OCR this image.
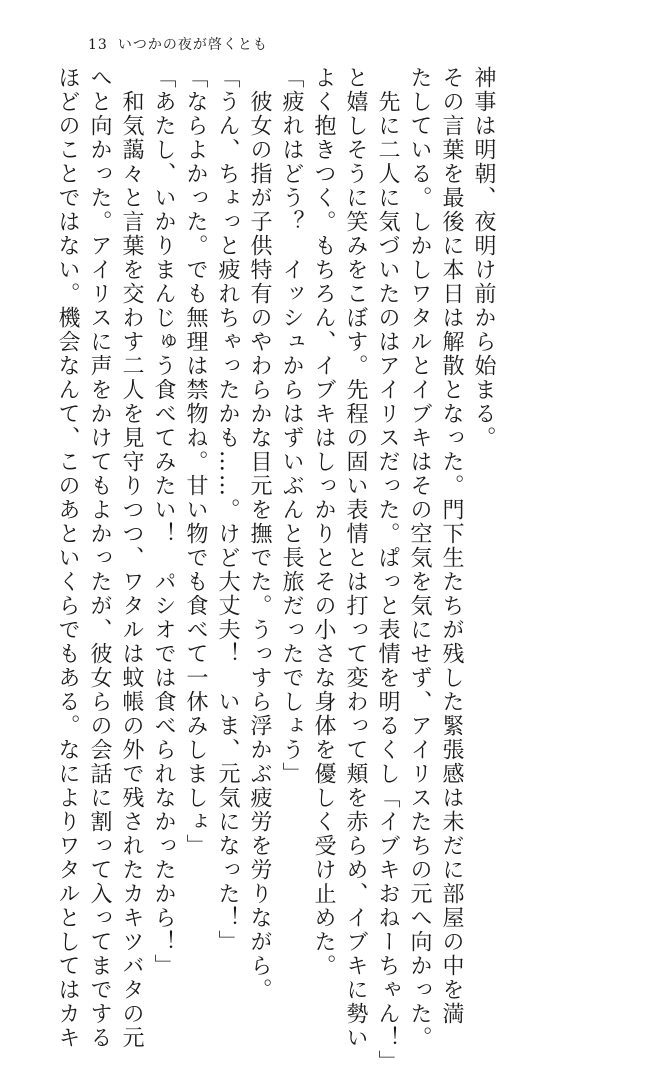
13 いつかの夜が啓くとも

神事は明朝、夜明け前から始まる。

その言葉を最後に本日は解散となった。門下生たちが残した緊張感は未だに部屋の中を満

たしている。しかしワタルとイブキはその空気を気にせず、アイリスたちの元へ向かった。

　先に二人に気づいたのはアイリスだった。ぱっと表情を明るくし「イブキおねーちゃん！」

と嬉しそうに笑みをこぼす。先程の固い表情とは打って変わって頬を赤らめ、イブキに勢い

よく抱きつく。もちろん、イブキはしっかりとその小さな身体を優しく受け止めた。

「疲れはどう？　イッシュからはずいぶんと長旅だったでしょう」

　彼女の指が子供特有のやわらかな目元を撫でた。うっすら浮かぶ疲労を労りながら。

「うん、ちょっと疲れちゃったかも……。けど大丈夫！　いま、元気になった！」

「ならよかった。でも無理は禁物ね。甘い物でも食べて一休みしましょ」

「あたし、いかりまんじゅう食べてみたい！　パシオでは食べられなかったから！」

　和気藹々と言葉を交わす二人を見守りつつ、ワタルは蚊帳の外で残されたカキツバタの元

へと向かった。アイリスに声をかけてもよかったが、彼女らの会話に割って入ってまでする

ほどのことではない。機会なんて、このあといくらでもある。なによりワタルとしてはカキ
